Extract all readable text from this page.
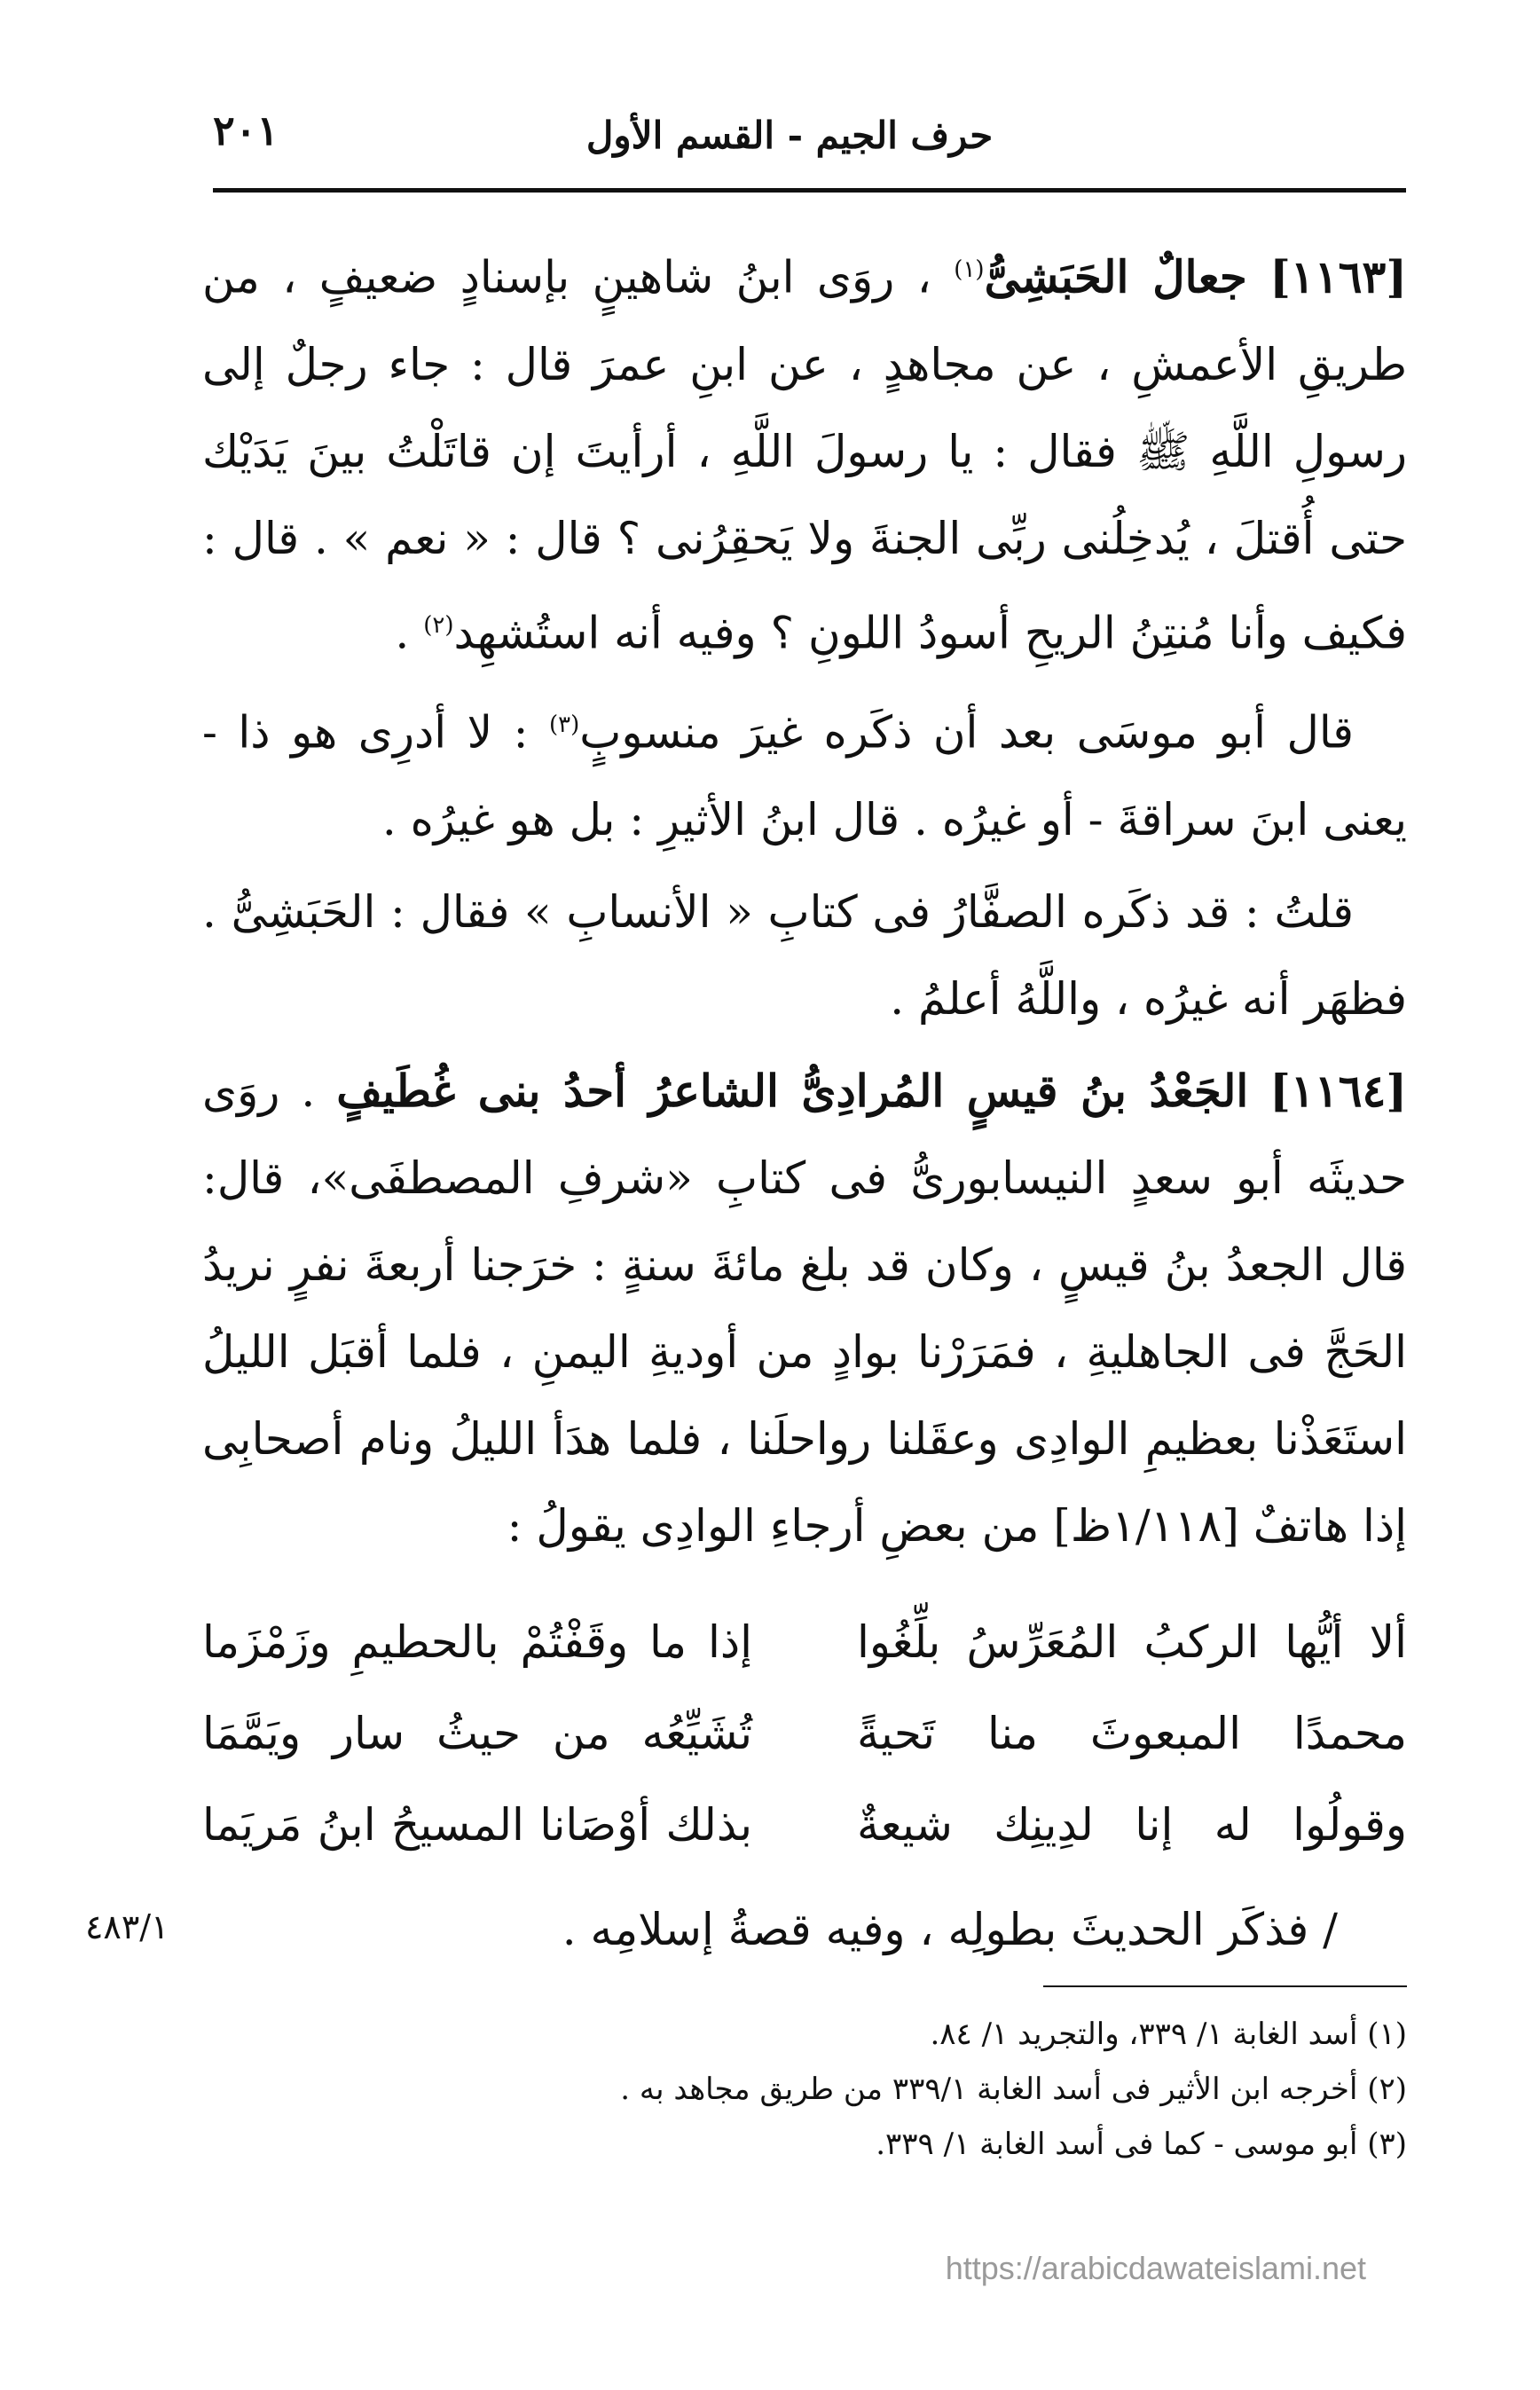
٢٠١	حرف الجيم - القسم الأول

[١١٦٣] جعالٌ الحَبَشِىُّ$^{(١)}$ ، روَى ابنُ شاهينٍ بإسنادٍ ضعيفٍ ، من طريقِ الأعمشِ ، عن مجاهدٍ ، عن ابنِ عمرَ قال : جاء رجلٌ إلى رسولِ اللَّهِ ﷺ فقال : يا رسولَ اللَّهِ ، أرأيتَ إن قاتَلْتُ بينَ يَدَيْك حتى أُقتلَ ، يُدخِلُنى ربِّى الجنةَ ولا يَحقِرُنى ؟ قال : « نعم » . قال : فكيف وأنا مُنتِنُ الريحِ أسودُ اللونِ ؟ وفيه أنه استُشهِد$^{(٢)}$ .

قال أبو موسَى بعد أن ذكَره غيرَ منسوبٍ$^{(٣)}$ : لا أدرِى هو ذا - يعنى ابنَ سراقةَ - أو غيرُه . قال ابنُ الأثيرِ : بل هو غيرُه .

قلتُ : قد ذكَره الصفَّارُ فى كتابِ « الأنسابِ » فقال : الحَبَشِىُّ . فظهَر أنه غيرُه ، واللَّهُ أعلمُ .

[١١٦٤] الجَعْدُ بنُ قيسٍ المُرادِىُّ الشاعرُ أحدُ بنى غُطَيفٍ . روَى حديثَه أبو سعدٍ النيسابورىُّ فى كتابِ «شرفِ المصطفَى»، قال: قال الجعدُ بنُ قيسٍ ، وكان قد بلغ مائةَ سنةٍ : خرَجنا أربعةَ نفرٍ نريدُ الحَجَّ فى الجاهليةِ ، فمَرَرْنا بوادٍ من أوديةِ اليمنِ ، فلما أقبَل الليلُ استَعَذْنا بعظيمِ الوادِى وعقَلنا رواحلَنا ، فلما هدَأ الليلُ ونام أصحابِى إذا هاتفٌ [١/١١٨ظ] من بعضِ أرجاءِ الوادِى يقولُ :

ألا أيُّها الركبُ المُعَرِّسُ بلِّغُوا
إذا ما وقَفْتُمْ بالحطيمِ وزَمْزَما
محمدًا المبعوثَ منا تَحيةً
تُشَيِّعُه من حيثُ سار ويَمَّمَا
وقولُوا له إنا لدِينِك شيعةٌ
بذلك أوْصَانا المسيحُ ابنُ مَريَما
/ فذكَر الحديثَ بطولِه ، وفيه قصةُ إسلامِه .
٤٨٣/١
(١) أسد الغابة ١/ ٣٣٩، والتجريد ١/ ٨٤.
(٢) أخرجه ابن الأثير فى أسد الغابة ٣٣٩/١ من طريق مجاهد به .
(٣) أبو موسى - كما فى أسد الغابة ١/ ٣٣٩.
https://arabicdawateislami.net
